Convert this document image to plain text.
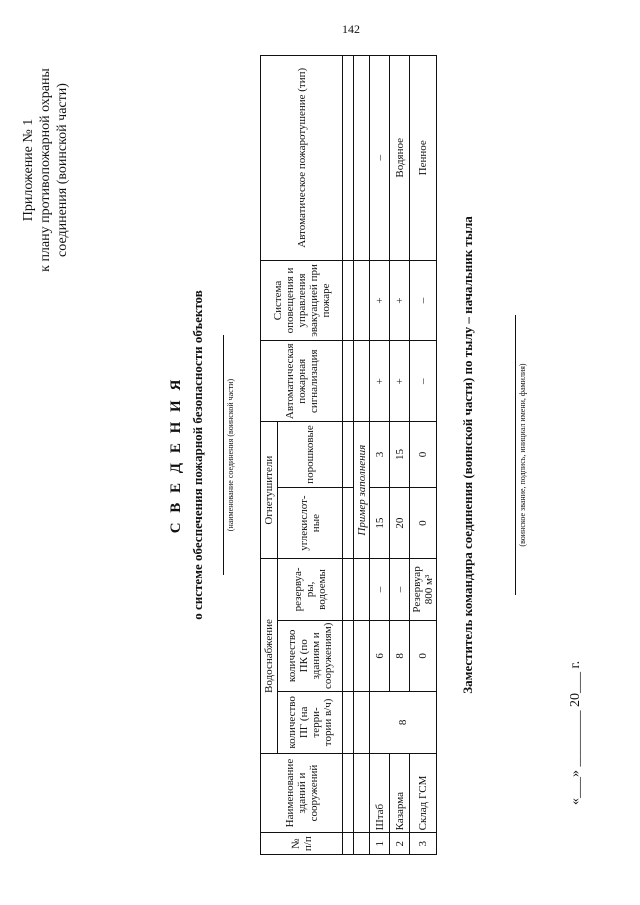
142
Приложение № 1 к плану противопожарной охраны соединения (воинской части)
С В Е Д Е Н И Я о системе обеспечения пожарной безопасности объектов	(наименование соединения (воинской части)
№ п/п	Наименование зданий и сооружений	Водоснабжение			Огнетушители		Автоматическая пожарная сигнализация	Система оповещения и управления эвакуацией при пожаре	Автоматическое пожаротушение (тип)
		количество ПГ (на терри-тории в/ч)	количество ПК (по зданиям и сооружениям)	резервуа-ры, водоемы	углекислот-ные	порошковые			

					Пример заполнения				
1	Штаб	8	6	–	15	3	+	+	–
2	Казарма		8	–	20	15	+	+	Водяное
3	Склад ГСМ		0	Резервуар 800 м³	0	0	–	–	Пенное
Заместитель командира соединения (воинской части) по тылу – начальник тыла	(воинское звание, подпись, инициал имени, фамилия)
«___» ________ 20___ г.
